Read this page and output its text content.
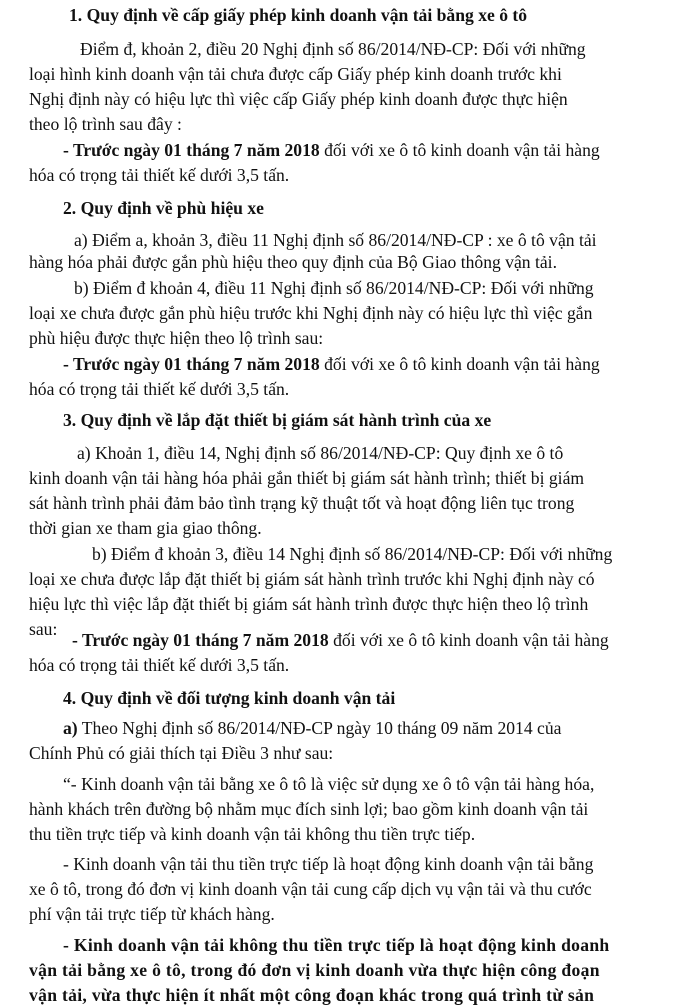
1. Quy định về cấp giấy phép kinh doanh vận tải bằng xe ô tô
Điểm đ, khoản 2, điều 20 Nghị định số 86/2014/NĐ-CP: Đối với những
loại hình kinh doanh vận tải chưa được cấp Giấy phép kinh doanh trước khi
Nghị định này có hiệu lực thì việc cấp Giấy phép kinh doanh được thực hiện
theo lộ trình sau đây :
- Trước ngày 01 tháng 7 năm 2018 đối với xe ô tô kinh doanh vận tải hàng
hóa có trọng tải thiết kế dưới 3,5 tấn.
2. Quy định về phù hiệu xe
a) Điểm a, khoản 3, điều 11 Nghị định số 86/2014/NĐ-CP : xe ô tô vận tải
hàng hóa phải được gắn phù hiệu theo quy định của Bộ Giao thông vận tải.
b) Điểm đ khoản 4, điều 11 Nghị định số 86/2014/NĐ-CP: Đối với những
loại xe chưa được gắn phù hiệu trước khi Nghị định này có hiệu lực thì việc gắn
phù hiệu được thực hiện theo lộ trình sau:
- Trước ngày 01 tháng 7 năm 2018 đối với xe ô tô kinh doanh vận tải hàng
hóa có trọng tải thiết kế dưới 3,5 tấn.
3. Quy định về lắp đặt thiết bị giám sát hành trình của xe
a) Khoản 1, điều 14, Nghị định số 86/2014/NĐ-CP: Quy định xe ô tô
kinh doanh vận tải hàng hóa phải gắn thiết bị giám sát hành trình; thiết bị giám
sát hành trình phải đảm bảo tình trạng kỹ thuật tốt và hoạt động liên tục trong
thời gian xe tham gia giao thông.
b) Điểm đ khoản 3, điều 14 Nghị định số 86/2014/NĐ-CP: Đối với những
loại xe chưa được lắp đặt thiết bị giám sát hành trình trước khi Nghị định này có
hiệu lực thì việc lắp đặt thiết bị giám sát hành trình được thực hiện theo lộ trình
sau:
- Trước ngày 01 tháng 7 năm 2018 đối với xe ô tô kinh doanh vận tải hàng
hóa có trọng tải thiết kế dưới 3,5 tấn.
4. Quy định về đối tượng kinh doanh vận tải
a) Theo Nghị định số 86/2014/NĐ-CP ngày 10 tháng 09 năm 2014 của
Chính Phủ có giải thích tại Điều 3 như sau:
“- Kinh doanh vận tải bằng xe ô tô là việc sử dụng xe ô tô vận tải hàng hóa,
hành khách trên đường bộ nhằm mục đích sinh lợi; bao gồm kinh doanh vận tải
thu tiền trực tiếp và kinh doanh vận tải không thu tiền trực tiếp.
- Kinh doanh vận tải thu tiền trực tiếp là hoạt động kinh doanh vận tải bằng
xe ô tô, trong đó đơn vị kinh doanh vận tải cung cấp dịch vụ vận tải và thu cước
phí vận tải trực tiếp từ khách hàng.
- Kinh doanh vận tải không thu tiền trực tiếp là hoạt động kinh doanh
vận tải bằng xe ô tô, trong đó đơn vị kinh doanh vừa thực hiện công đoạn
vận tải, vừa thực hiện ít nhất một công đoạn khác trong quá trình từ sản
